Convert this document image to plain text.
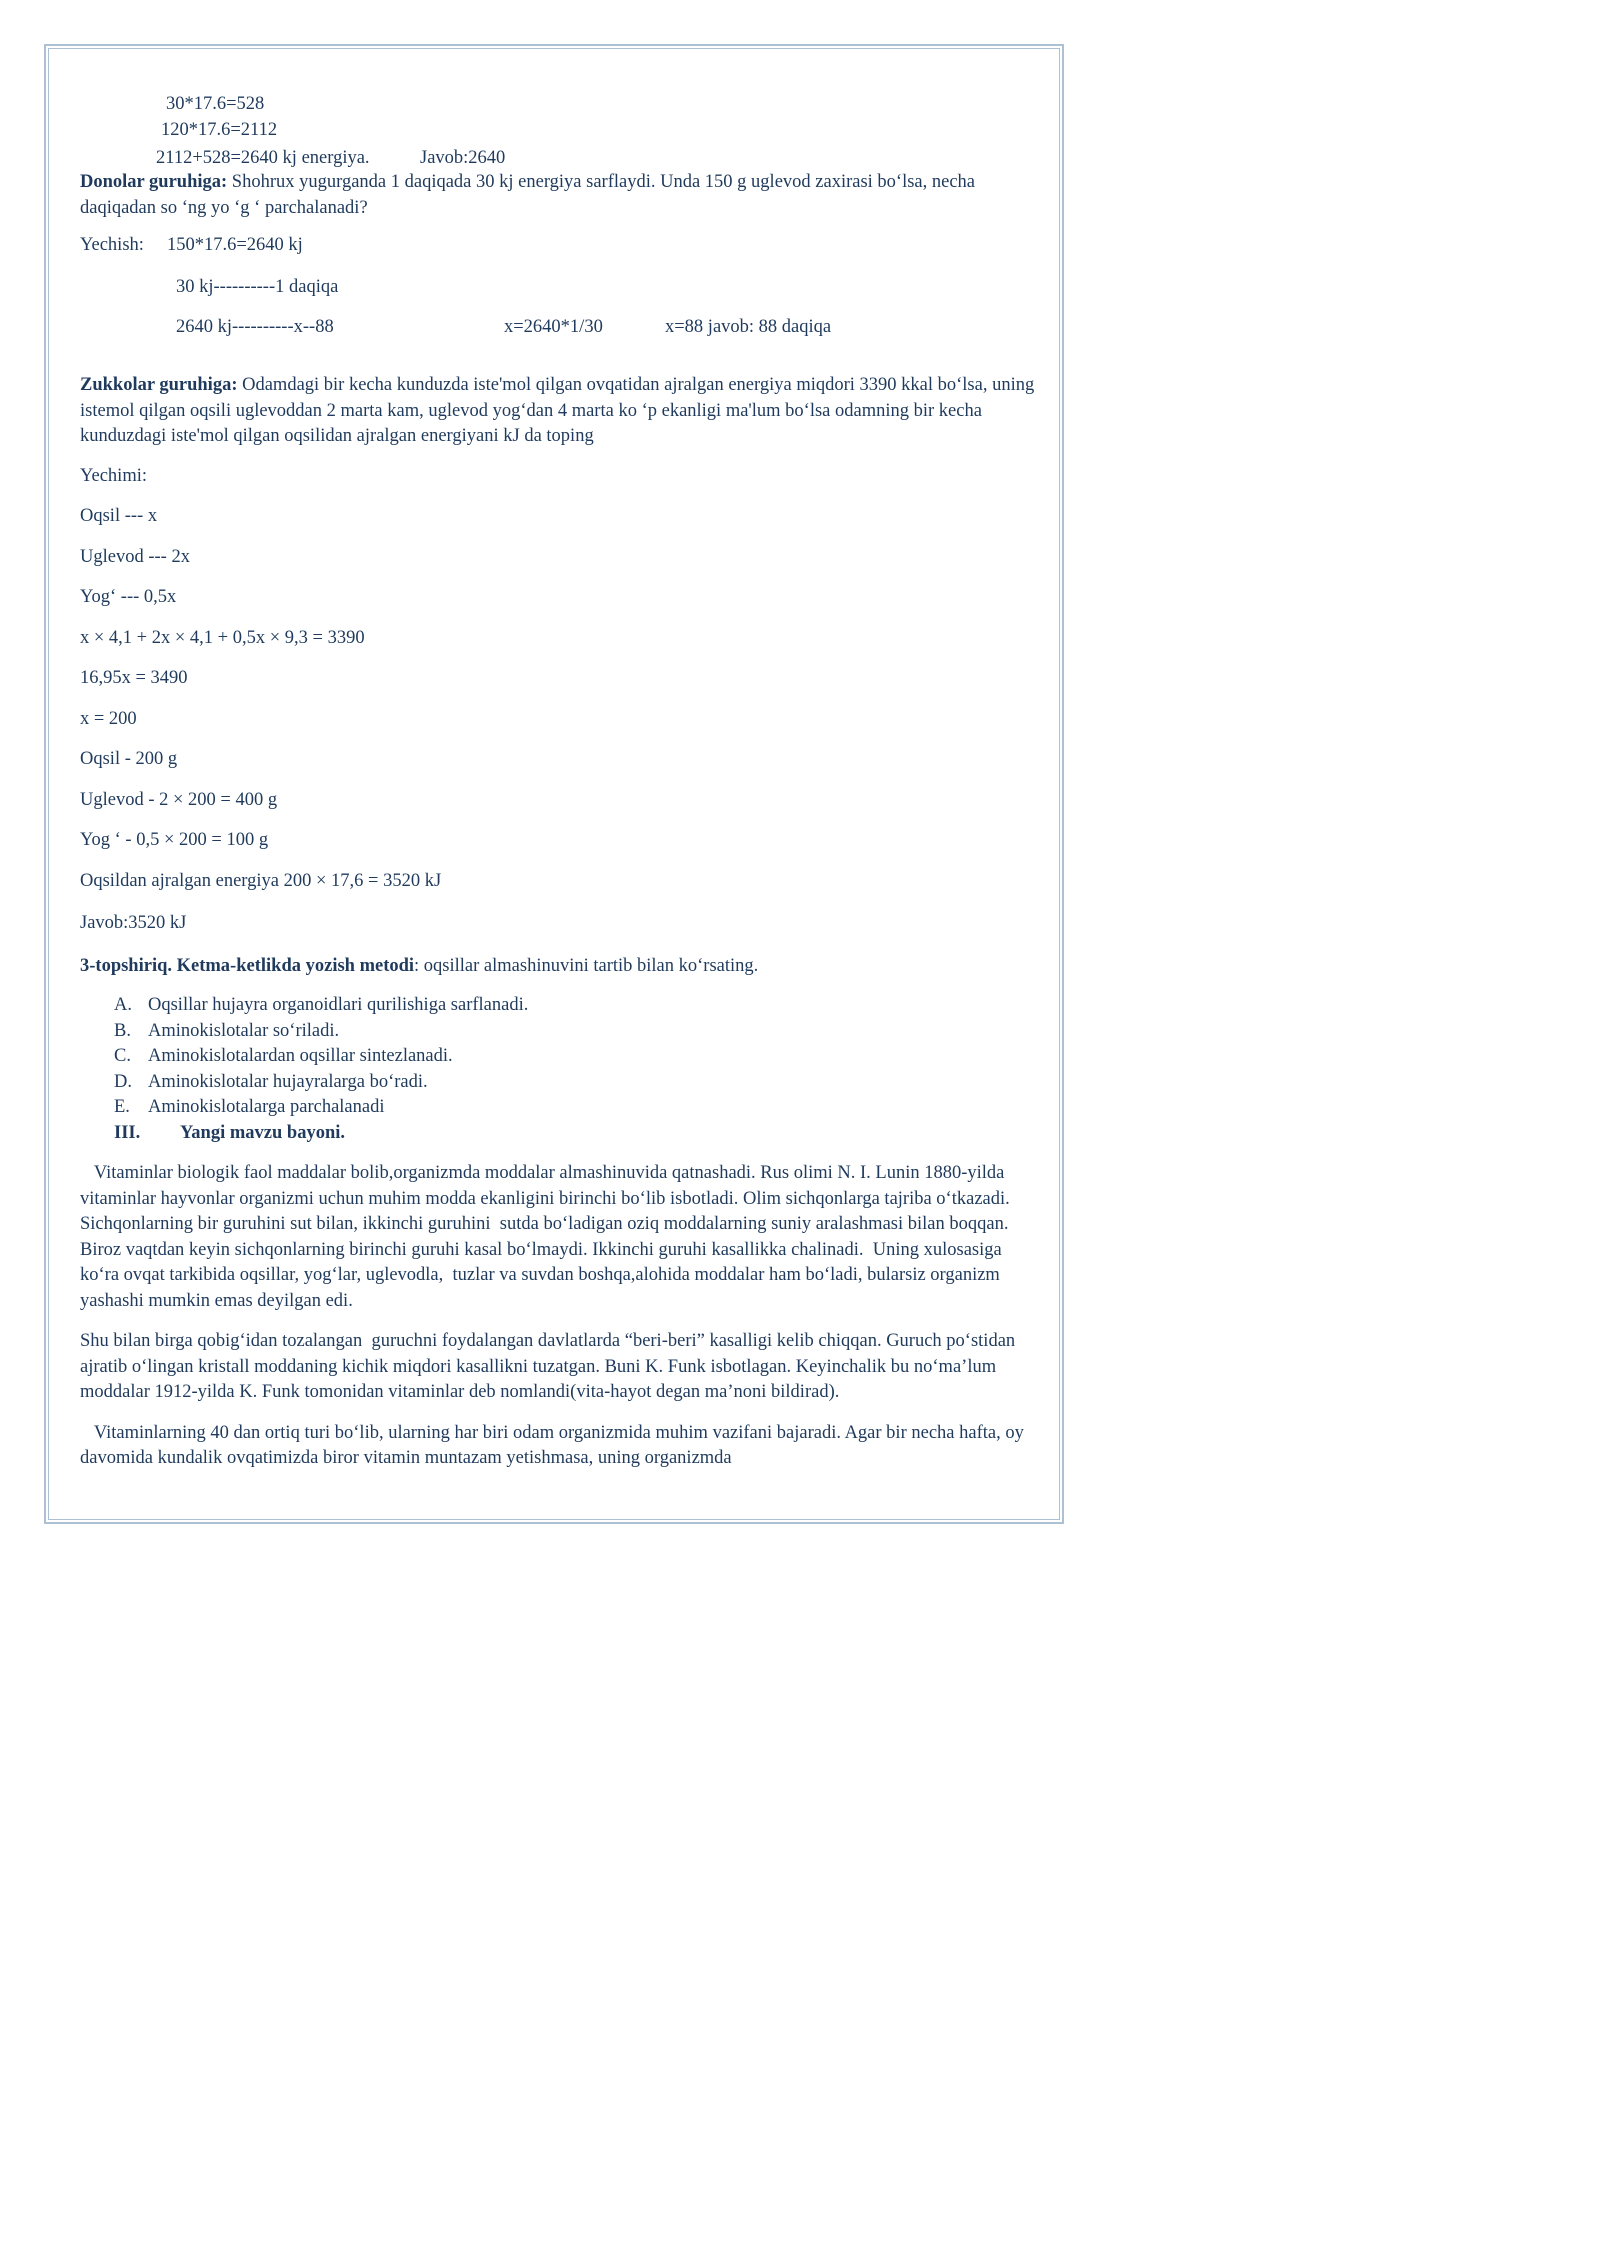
30*17.6=528
120*17.6=2112
2112+528=2640 kj energiya.	Javob:2640

Donolar guruhiga: Shohrux yugurganda 1 daqiqada 30 kj energiya sarflaydi. Unda 150 g uglevod zaxirasi bo‘lsa, necha daqiqadan so ‘ng yo ‘g ‘ parchalanadi?

Yechish: 150*17.6=2640 kj
30 kj----------1 daqiqa
2640 kj----------x--88	x=2640*1/30	x=88 javob: 88 daqiqa

Zukkolar guruhiga: Odamdagi bir kecha kunduzda iste'mol qilgan ovqatidan ajralgan energiya miqdori 3390 kkal bo‘lsa, uning istemol qilgan oqsili uglevoddan 2 marta kam, uglevod yog‘dan 4 marta ko ‘p ekanligi ma'lum bo‘lsa odamning bir kecha kunduzdagi iste'mol qilgan oqsilidan ajralgan energiyani kJ da toping

Yechimi:

Oqsil --- x

Uglevod --- 2x

Yog‘ --- 0,5x

x × 4,1 + 2x × 4,1 + 0,5x × 9,3 = 3390

16,95x = 3490

x = 200

Oqsil - 200 g

Uglevod - 2 × 200 = 400 g

Yog ‘ - 0,5 × 200 = 100 g

Oqsildan ajralgan energiya 200 × 17,6 = 3520 kJ

Javob:3520 kJ

3-topshiriq. Ketma-ketlikda yozish metodi: oqsillar almashinuvini tartib bilan ko‘rsating.

A. Oqsillar hujayra organoidlari qurilishiga sarflanadi.
B. Aminokislotalar so‘riladi.
C. Aminokislotalardan oqsillar sintezlanadi.
D. Aminokislotalar hujayralarga bo‘radi.
E. Aminokislotalarga parchalanadi
III.	Yangi mavzu bayoni.

Vitaminlar biologik faol maddalar bolib,organizmda moddalar almashinuvida qatnashadi. Rus olimi N. I. Lunin 1880-yilda vitaminlar hayvonlar organizmi uchun muhim modda ekanligini birinchi bo‘lib isbotladi. Olim sichqonlarga tajriba o‘tkazadi. Sichqonlarning bir guruhini sut bilan, ikkinchi guruhini  sutda bo‘ladigan oziq moddalarning suniy aralashmasi bilan boqqan. Biroz vaqtdan keyin sichqonlarning birinchi guruhi kasal bo‘lmaydi. Ikkinchi guruhi kasallikka chalinadi.  Uning xulosasiga ko‘ra ovqat tarkibida oqsillar, yog‘lar, uglevodla,  tuzlar va suvdan boshqa,alohida moddalar ham bo‘ladi, bularsiz organizm yashashi mumkin emas deyilgan edi.

Shu bilan birga qobig‘idan tozalangan  guruchni foydalangan davlatlarda “beri-beri” kasalligi kelib chiqqan. Guruch po‘stidan ajratib o‘lingan kristall moddaning kichik miqdori kasallikni tuzatgan. Buni K. Funk isbotlagan. Keyinchalik bu no‘ma’lum moddalar 1912-yilda K. Funk tomonidan vitaminlar deb nomlandi(vita-hayot degan ma’noni bildirad).

Vitaminlarning 40 dan ortiq turi bo‘lib, ularning har biri odam organizmida muhim vazifani bajaradi. Agar bir necha hafta, oy davomida kundalik ovqatimizda biror vitamin muntazam yetishmasa, uning organizmda
